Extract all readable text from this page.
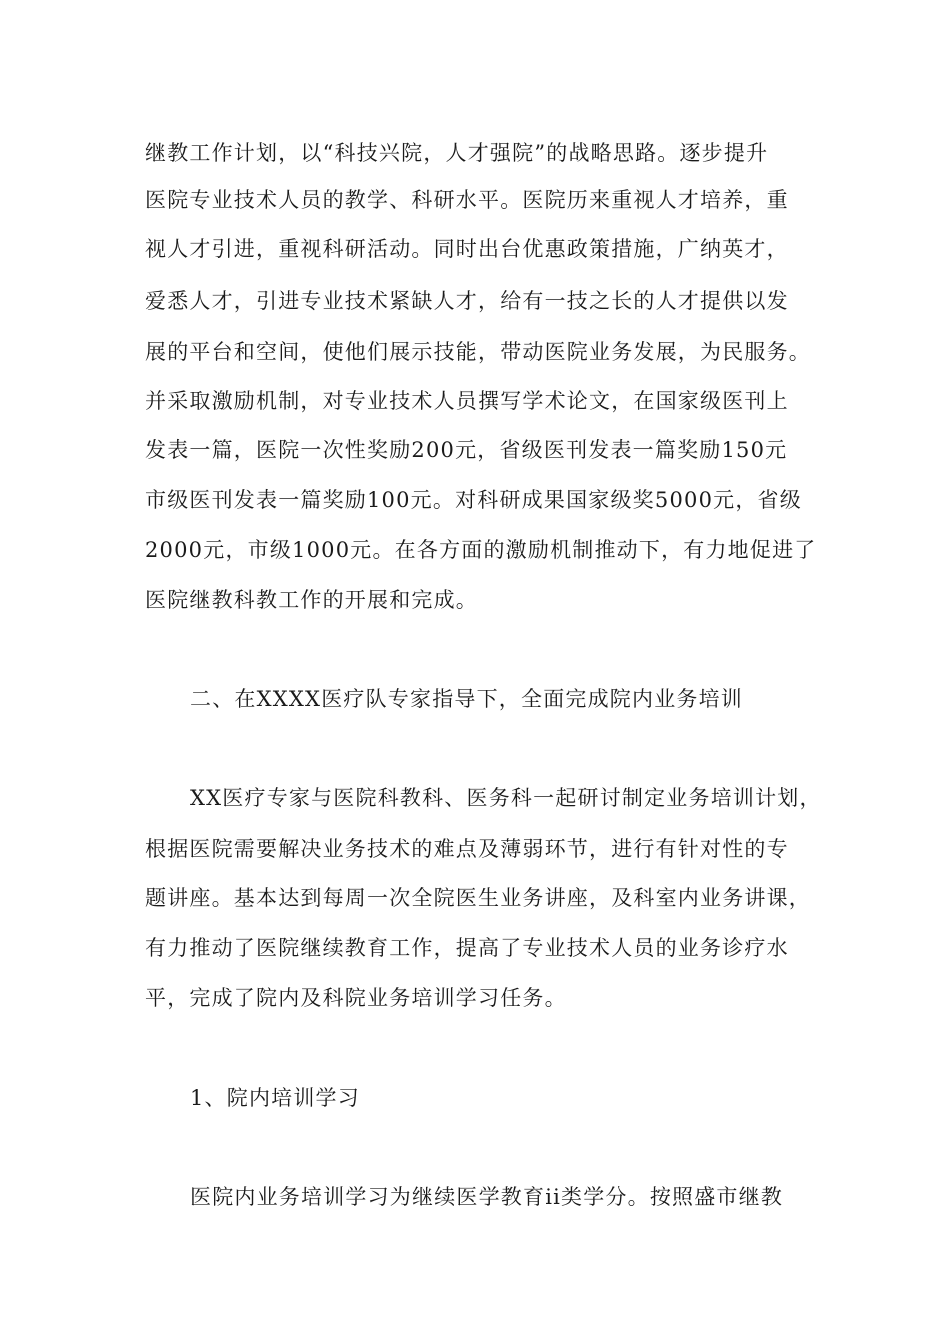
继教工作计划，以“科技兴院，人才强院”的战略思路。逐步提升
医院专业技术人员的教学、科研水平。医院历来重视人才培养，重
视人才引进，重视科研活动。同时出台优惠政策措施，广纳英才，
爱悉人才，引进专业技术紧缺人才，给有一技之长的人才提供以发
展的平台和空间，使他们展示技能，带动医院业务发展，为民服务。
并采取激励机制，对专业技术人员撰写学术论文，在国家级医刊上
发表一篇，医院一次性奖励200元，省级医刊发表一篇奖励150元
市级医刊发表一篇奖励100元。对科研成果国家级奖5000元，省级
2000元，市级1000元。在各方面的激励机制推动下，有力地促进了
医院继教科教工作的开展和完成。
二、在XXXX医疗队专家指导下，全面完成院内业务培训
XX医疗专家与医院科教科、医务科一起研讨制定业务培训计划，
根据医院需要解决业务技术的难点及薄弱环节，进行有针对性的专
题讲座。基本达到每周一次全院医生业务讲座，及科室内业务讲课，
有力推动了医院继续教育工作，提高了专业技术人员的业务诊疗水
平，完成了院内及科院业务培训学习任务。
1、院内培训学习
医院内业务培训学习为继续医学教育ii类学分。按照盛市继教
